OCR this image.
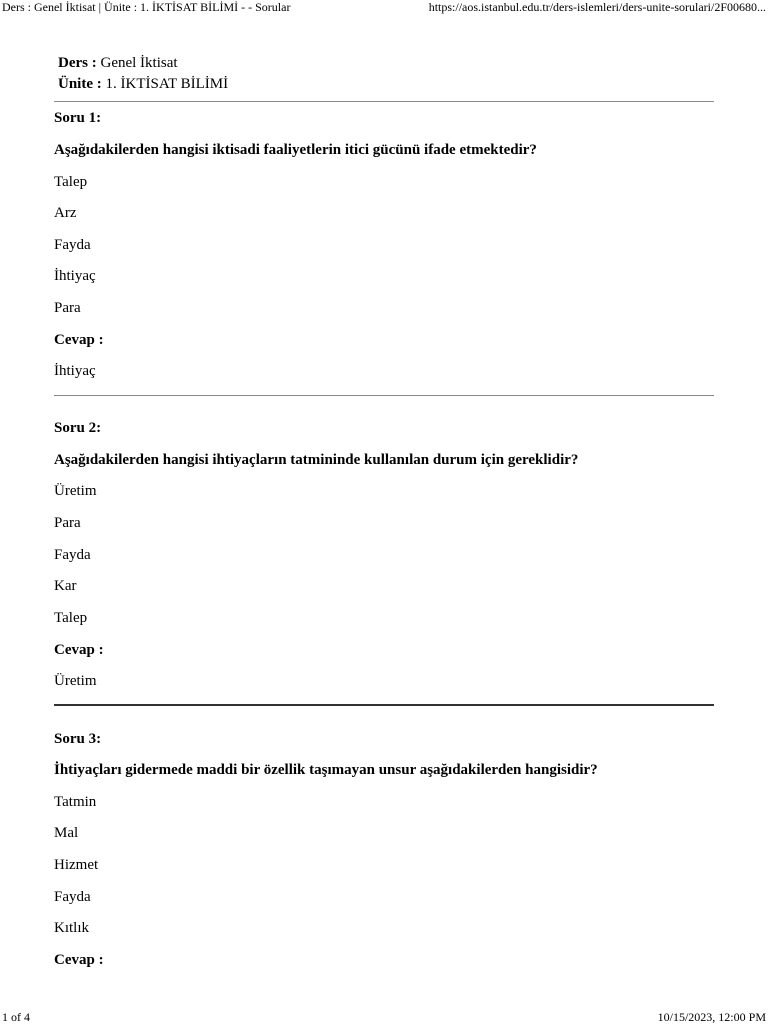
Ders : Genel İktisat | Ünite : 1. İKTİSAT BİLİMİ - - Sorular	https://aos.istanbul.edu.tr/ders-islemleri/ders-unite-sorulari/2F00680...
Ders : Genel İktisat
Ünite : 1. İKTİSAT BİLİMİ
Soru 1:
Aşağıdakilerden hangisi iktisadi faaliyetlerin itici gücünü ifade etmektedir?
Talep
Arz
Fayda
İhtiyaç
Para
Cevap :
İhtiyaç
Soru 2:
Aşağıdakilerden hangisi ihtiyaçların tatmininde kullanılan durum için gereklidir?
Üretim
Para
Fayda
Kar
Talep
Cevap :
Üretim
Soru 3:
İhtiyaçları gidermede maddi bir özellik taşımayan unsur aşağıdakilerden hangisidir?
Tatmin
Mal
Hizmet
Fayda
Kıtlık
Cevap :
1 of 4	10/15/2023, 12:00 PM
